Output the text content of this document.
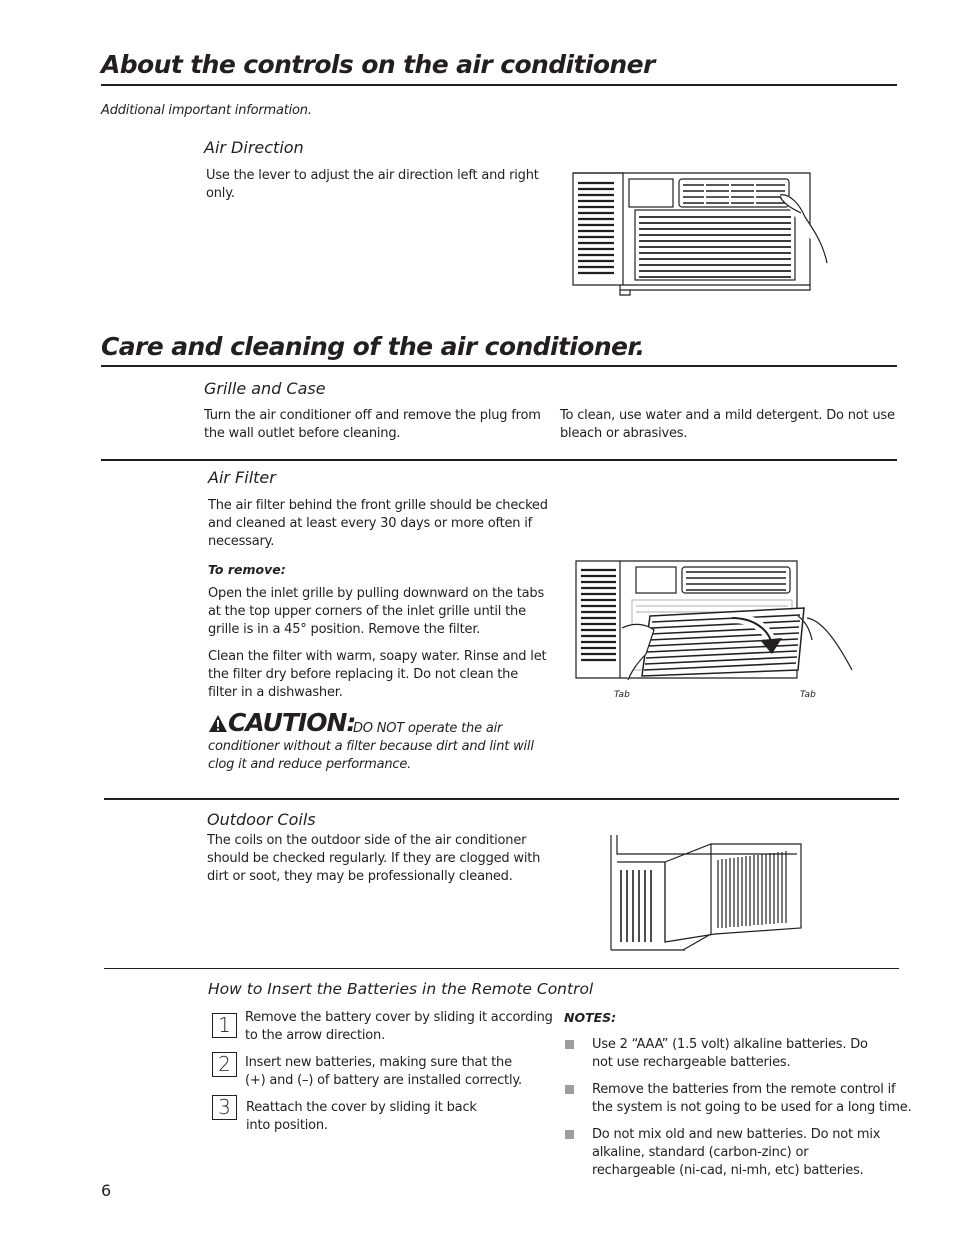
About the controls on the air conditioner
Additional important information.
Air Direction

Use the lever to adjust the air direction left and right only.

Care and cleaning of the air conditioner.
Grille and Case

Turn the air conditioner off and remove the plug from the wall outlet before cleaning.

To clean, use water and a mild detergent. Do not use bleach or abrasives.

Air Filter

The air filter behind the front grille should be checked and cleaned at least every 30 days or more often if necessary.

To remove:

Open the inlet grille by pulling downward on the tabs at the top upper corners of the inlet grille until the grille is in a 45° position. Remove the filter.

Clean the filter with warm, soapy water. Rinse and let the filter dry before replacing it. Do not clean the filter in a dishwasher.

CAUTION:

DO NOT operate the air conditioner without a filter because dirt and lint will clog it and reduce performance.

Tab	Tab
Outdoor Coils

The coils on the outdoor side of the air conditioner should be checked regularly. If they are clogged with dirt or soot, they may be professionally cleaned.

How to Insert the Batteries in the Remote Control
1	Remove the battery cover by sliding it according to the arrow direction.

2	Insert new batteries, making sure that the (+) and (–) of battery are installed correctly.

3	Reattach the cover by sliding it back into position.

NOTES:

Use 2 “AAA” (1.5 volt) alkaline batteries. Do not use rechargeable batteries.

Remove the batteries from the remote control if the system is not going to be used for a long time.

Do not mix old and new batteries. Do not mix alkaline, standard (carbon-zinc) or rechargeable (ni-cad, ni-mh, etc) batteries.

6
